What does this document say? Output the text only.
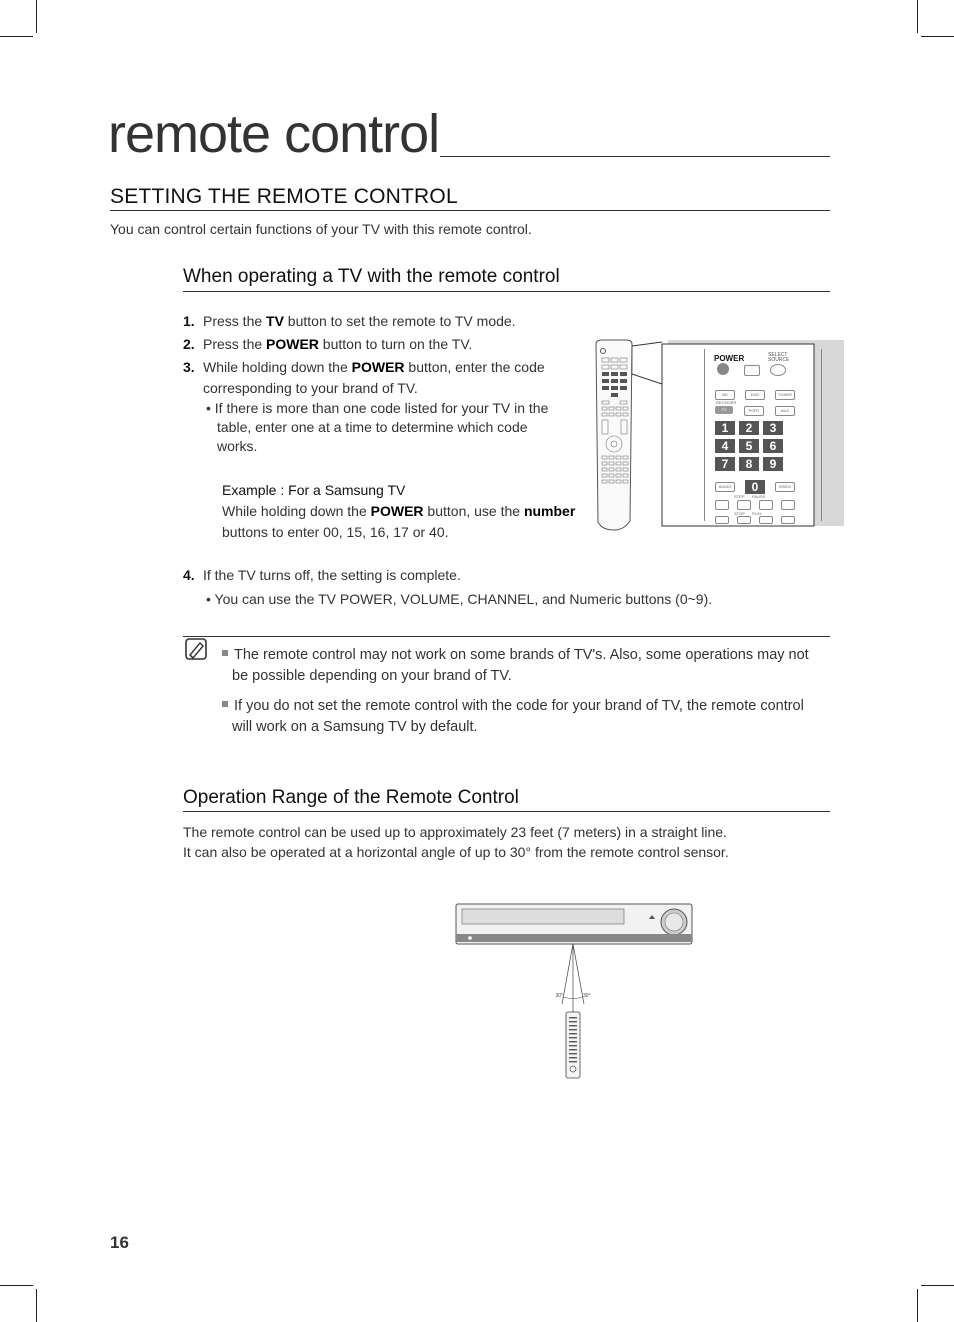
remote control
SETTING THE REMOTE CONTROL
You can control certain functions of your TV with this remote control.
When operating a TV with the remote control
1. Press the TV button to set the remote to TV mode.
2. Press the POWER button to turn on the TV.
3. While holding down the POWER button, enter the code
corresponding to your brand of TV.
• If there is more than one code listed for your TV in the
table, enter one at a time to determine which code
works.
Example : For a Samsung TV
While holding down the POWER button, use the number
buttons to enter 00, 15, 16, 17 or 40.
4. If the TV turns off, the setting is complete.
• You can use the TV POWER, VOLUME, CHANNEL, and Numeric buttons (0~9).
POWER	SELECT
SOURCE
BD RECEIVER
DVD	TUNER
TV	PORT	AUX
1	2	3
4	5	6
7	8	9
AUDIO	0	VIDEO
STEP PAUSE
STOP PLAY
The remote control may not work on some brands of TV's. Also, some operations may not
be possible depending on your brand of TV.
If you do not set the remote control with the code for your brand of TV, the remote control
will work on a Samsung TV by default.
Operation Range of the Remote Control
The remote control can be used up to approximately 23 feet (7 meters) in a straight line.
It can also be operated at a horizontal angle of up to 30° from the remote control sensor.
30°	30°
16
